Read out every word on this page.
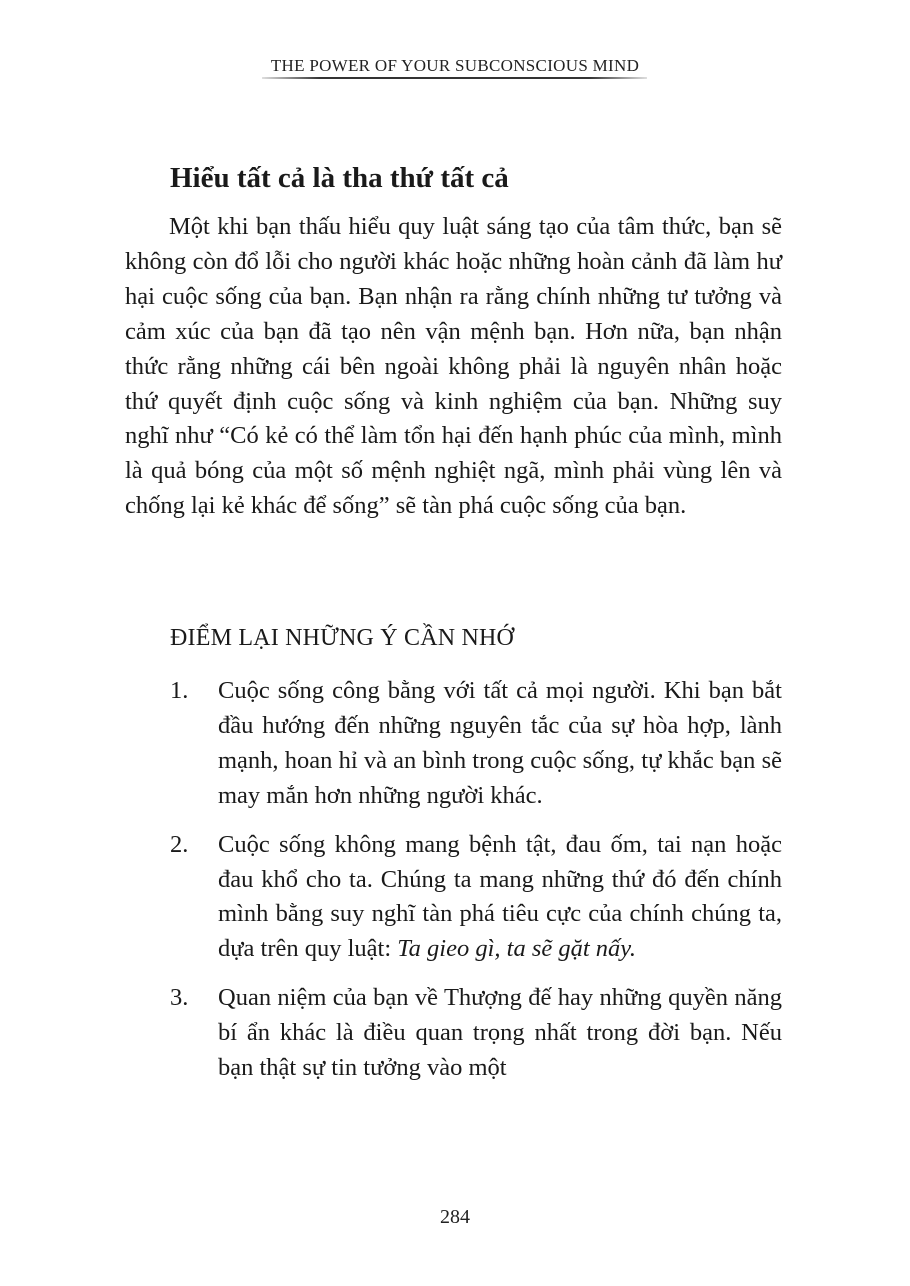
THE POWER OF YOUR SUBCONSCIOUS MIND
Hiểu tất cả là tha thứ tất cả

Một khi bạn thấu hiểu quy luật sáng tạo của tâm thức, bạn sẽ không còn đổ lỗi cho người khác hoặc những hoàn cảnh đã làm hư hại cuộc sống của bạn. Bạn nhận ra rằng chính những tư tưởng và cảm xúc của bạn đã tạo nên vận mệnh bạn. Hơn nữa, bạn nhận thức rằng những cái bên ngoài không phải là nguyên nhân hoặc thứ quyết định cuộc sống và kinh nghiệm của bạn. Những suy nghĩ như “Có kẻ có thể làm tổn hại đến hạnh phúc của mình, mình là quả bóng của một số mệnh nghiệt ngã, mình phải vùng lên và chống lại kẻ khác để sống” sẽ tàn phá cuộc sống của bạn.

ĐIỂM LẠI NHỮNG Ý CẦN NHỚ
1. Cuộc sống công bằng với tất cả mọi người. Khi bạn bắt đầu hướng đến những nguyên tắc của sự hòa hợp, lành mạnh, hoan hỉ và an bình trong cuộc sống, tự khắc bạn sẽ may mắn hơn những người khác.
2. Cuộc sống không mang bệnh tật, đau ốm, tai nạn hoặc đau khổ cho ta. Chúng ta mang những thứ đó đến chính mình bằng suy nghĩ tàn phá tiêu cực của chính chúng ta, dựa trên quy luật: Ta gieo gì, ta sẽ gặt nấy.
3. Quan niệm của bạn về Thượng đế hay những quyền năng bí ẩn khác là điều quan trọng nhất trong đời bạn. Nếu bạn thật sự tin tưởng vào một
284
